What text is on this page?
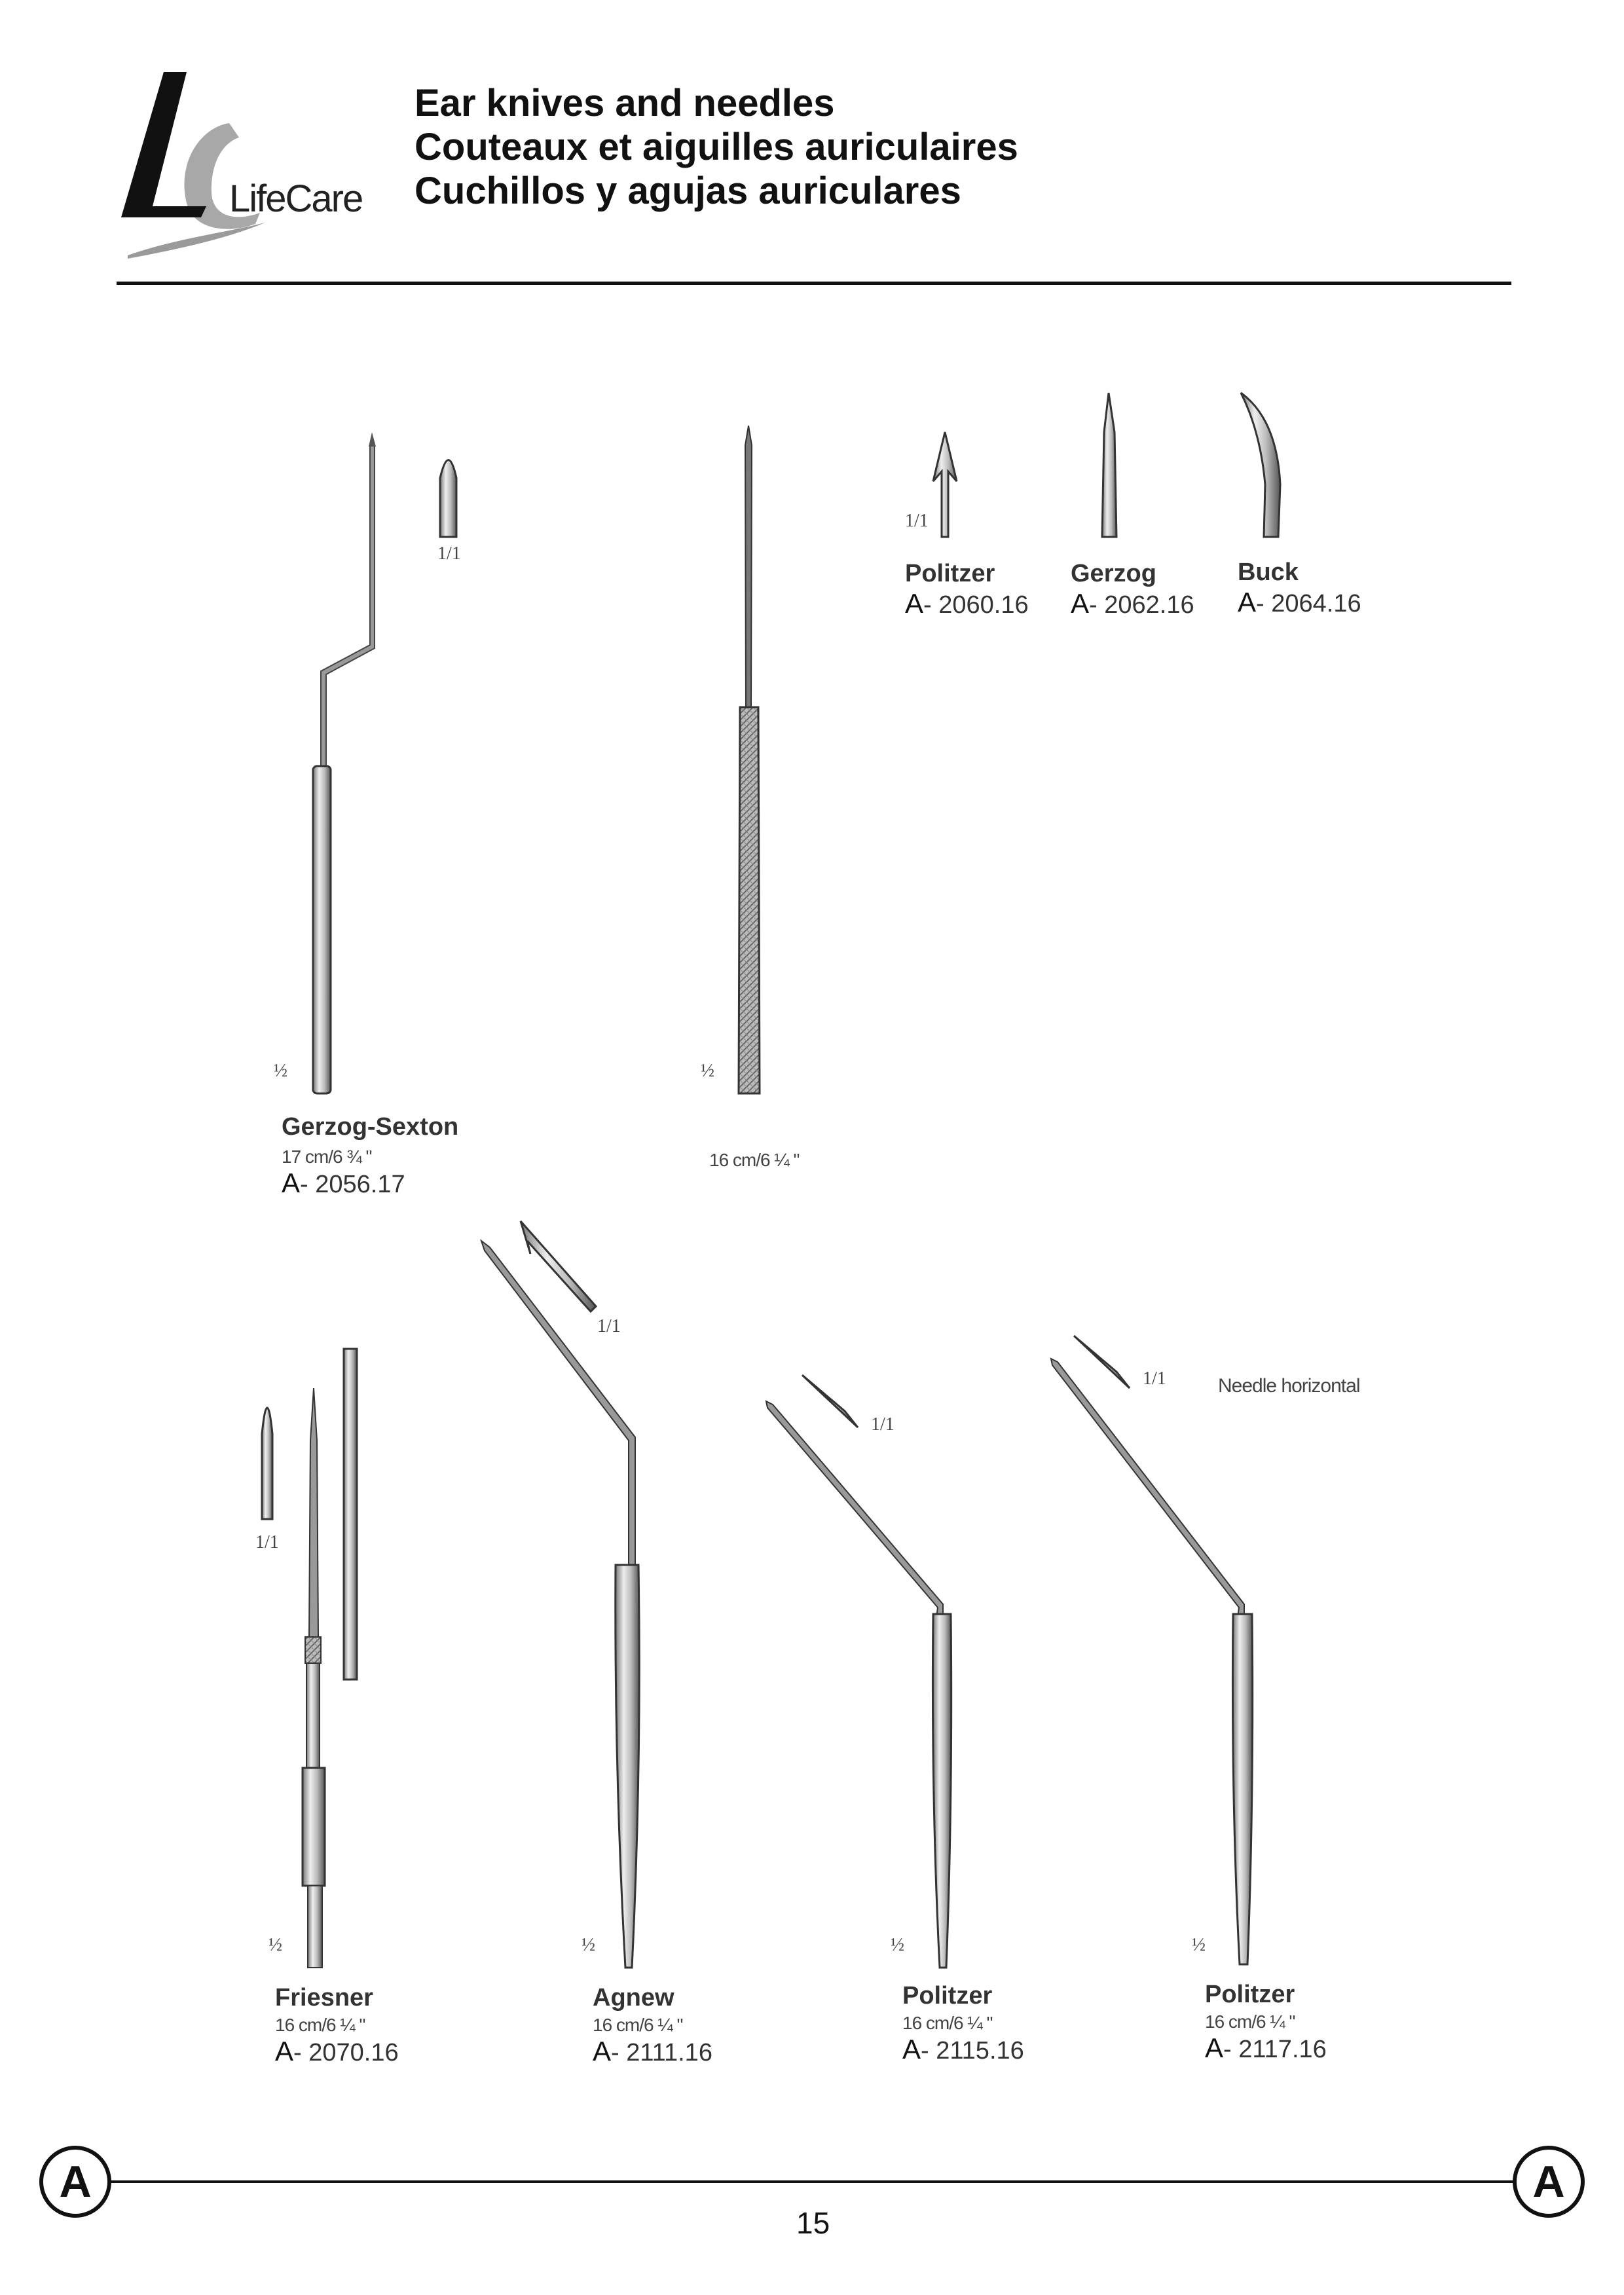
LifeCare
Ear knives and needles
Couteaux et aiguilles auriculaires
Cuchillos y agujas auriculares
1/1
½	½
1/1
1/1
1/1
1/1
1/1
½	½	½	½
Needle horizontal
Gerzog-Sexton
17 cm/6 ¾ "
A- 2056.17
16 cm/6 ¼ "
Politzer
A- 2060.16
Gerzog
A- 2062.16
Buck
A- 2064.16
Friesner
16 cm/6 ¼ "
A- 2070.16
Agnew
16 cm/6 ¼ "
A- 2111.16
Politzer
16 cm/6 ¼ "
A- 2115.16
Politzer
16 cm/6 ¼ "
A- 2117.16
A	A
15
